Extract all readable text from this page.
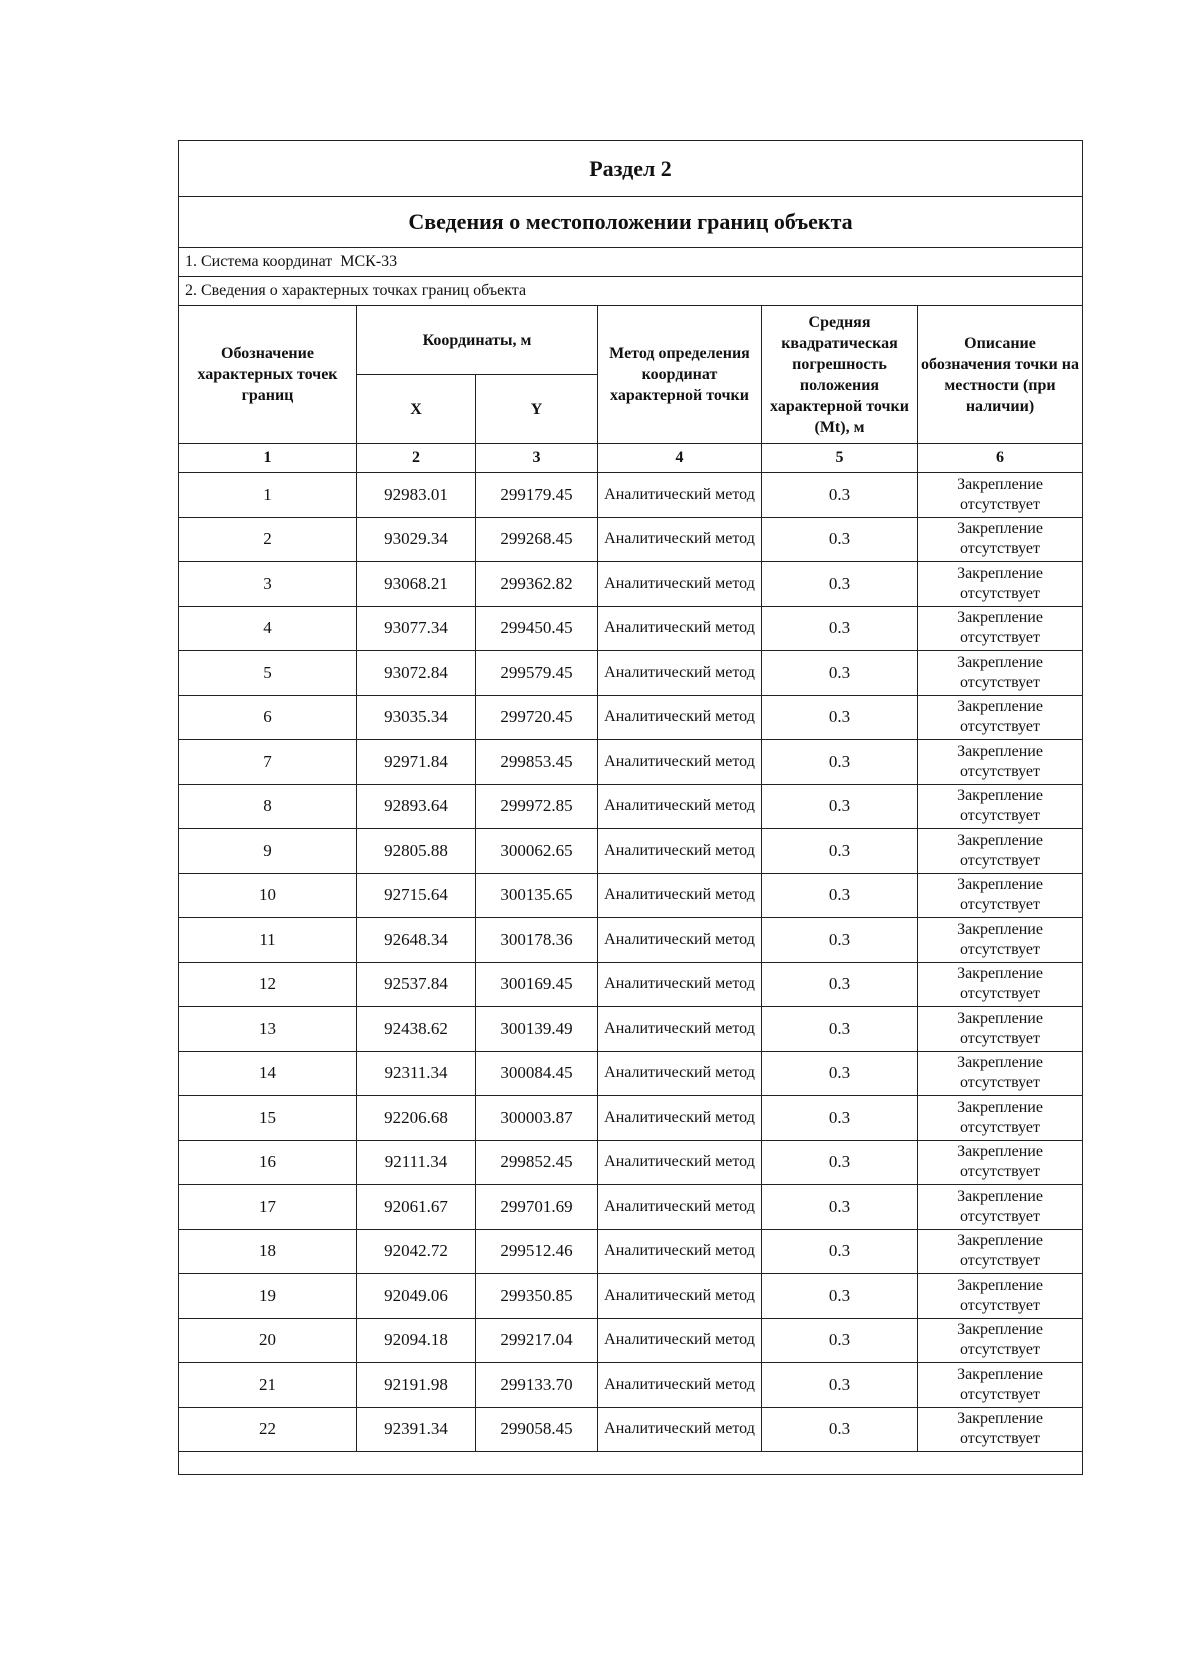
Раздел 2					
Сведения о местоположении границ объекта					
1. Система координат МСК-33					
2. Сведения о характерных точках границ объекта					
Обозначение характерных точек границ	Координаты, м		Метод определения координат характерной точки	Средняя квадратическая погрешность положения характерной точки (Mt), м	Описание обозначения точки на местности (при наличии)
	X	Y			
1	2	3	4	5	6
1	92983.01	299179.45	Аналитический метод	0.3	Закрепление отсутствует
2	93029.34	299268.45	Аналитический метод	0.3	Закрепление отсутствует
3	93068.21	299362.82	Аналитический метод	0.3	Закрепление отсутствует
4	93077.34	299450.45	Аналитический метод	0.3	Закрепление отсутствует
5	93072.84	299579.45	Аналитический метод	0.3	Закрепление отсутствует
6	93035.34	299720.45	Аналитический метод	0.3	Закрепление отсутствует
7	92971.84	299853.45	Аналитический метод	0.3	Закрепление отсутствует
8	92893.64	299972.85	Аналитический метод	0.3	Закрепление отсутствует
9	92805.88	300062.65	Аналитический метод	0.3	Закрепление отсутствует
10	92715.64	300135.65	Аналитический метод	0.3	Закрепление отсутствует
11	92648.34	300178.36	Аналитический метод	0.3	Закрепление отсутствует
12	92537.84	300169.45	Аналитический метод	0.3	Закрепление отсутствует
13	92438.62	300139.49	Аналитический метод	0.3	Закрепление отсутствует
14	92311.34	300084.45	Аналитический метод	0.3	Закрепление отсутствует
15	92206.68	300003.87	Аналитический метод	0.3	Закрепление отсутствует
16	92111.34	299852.45	Аналитический метод	0.3	Закрепление отсутствует
17	92061.67	299701.69	Аналитический метод	0.3	Закрепление отсутствует
18	92042.72	299512.46	Аналитический метод	0.3	Закрепление отсутствует
19	92049.06	299350.85	Аналитический метод	0.3	Закрепление отсутствует
20	92094.18	299217.04	Аналитический метод	0.3	Закрепление отсутствует
21	92191.98	299133.70	Аналитический метод	0.3	Закрепление отсутствует
22	92391.34	299058.45	Аналитический метод	0.3	Закрепление отсутствует
